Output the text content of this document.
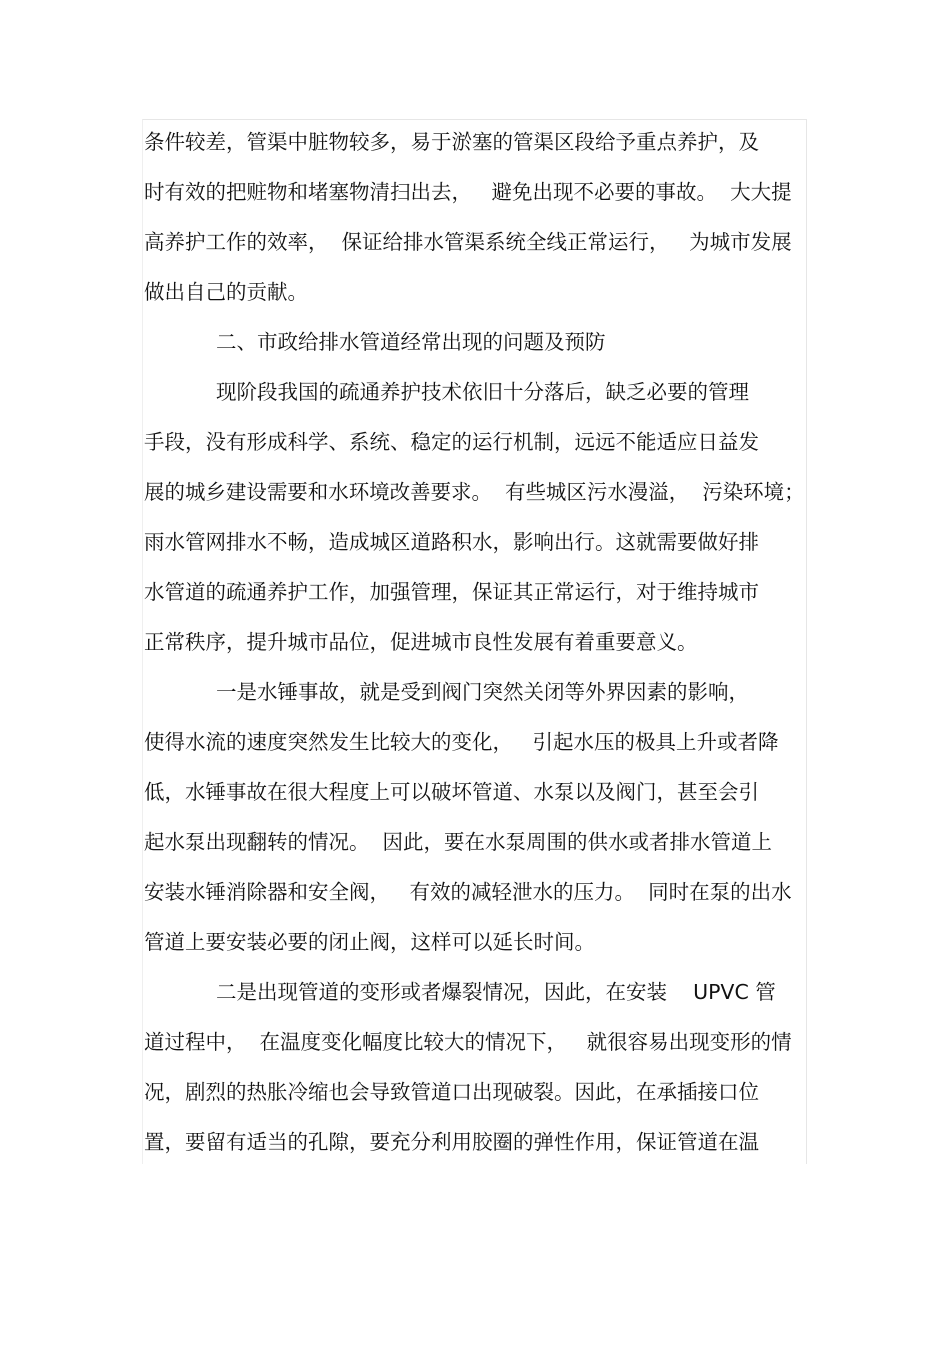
条件较差，管渠中脏物较多，易于淤塞的管渠区段给予重点养护，及
时有效的把赃物和堵塞物清扫出去，   避免出现不必要的事故。  大大提
高养护工作的效率，  保证给排水管渠系统全线正常运行，   为城市发展
做出自己的贡献。
二、市政给排水管道经常出现的问题及预防
现阶段我国的疏通养护技术依旧十分落后，缺乏必要的管理
手段，没有形成科学、系统、稳定的运行机制，远远不能适应日益发
展的城乡建设需要和水环境改善要求。  有些城区污水漫溢，  污染环境；
雨水管网排水不畅，造成城区道路积水，影响出行。这就需要做好排
水管道的疏通养护工作，加强管理，保证其正常运行，对于维持城市
正常秩序，提升城市品位，促进城市良性发展有着重要意义。
一是水锤事故，就是受到阀门突然关闭等外界因素的影响，
使得水流的速度突然发生比较大的变化，   引起水压的极具上升或者降
低，水锤事故在很大程度上可以破坏管道、水泵以及阀门，甚至会引
起水泵出现翻转的情况。  因此，要在水泵周围的供水或者排水管道上
安装水锤消除器和安全阀，   有效的减轻泄水的压力。  同时在泵的出水
管道上要安装必要的闭止阀，这样可以延长时间。
二是出现管道的变形或者爆裂情况，因此，在安装    UPVC 管
道过程中，  在温度变化幅度比较大的情况下，   就很容易出现变形的情
况，剧烈的热胀冷缩也会导致管道口出现破裂。因此，在承插接口位
置，要留有适当的孔隙，要充分利用胶圈的弹性作用，保证管道在温
